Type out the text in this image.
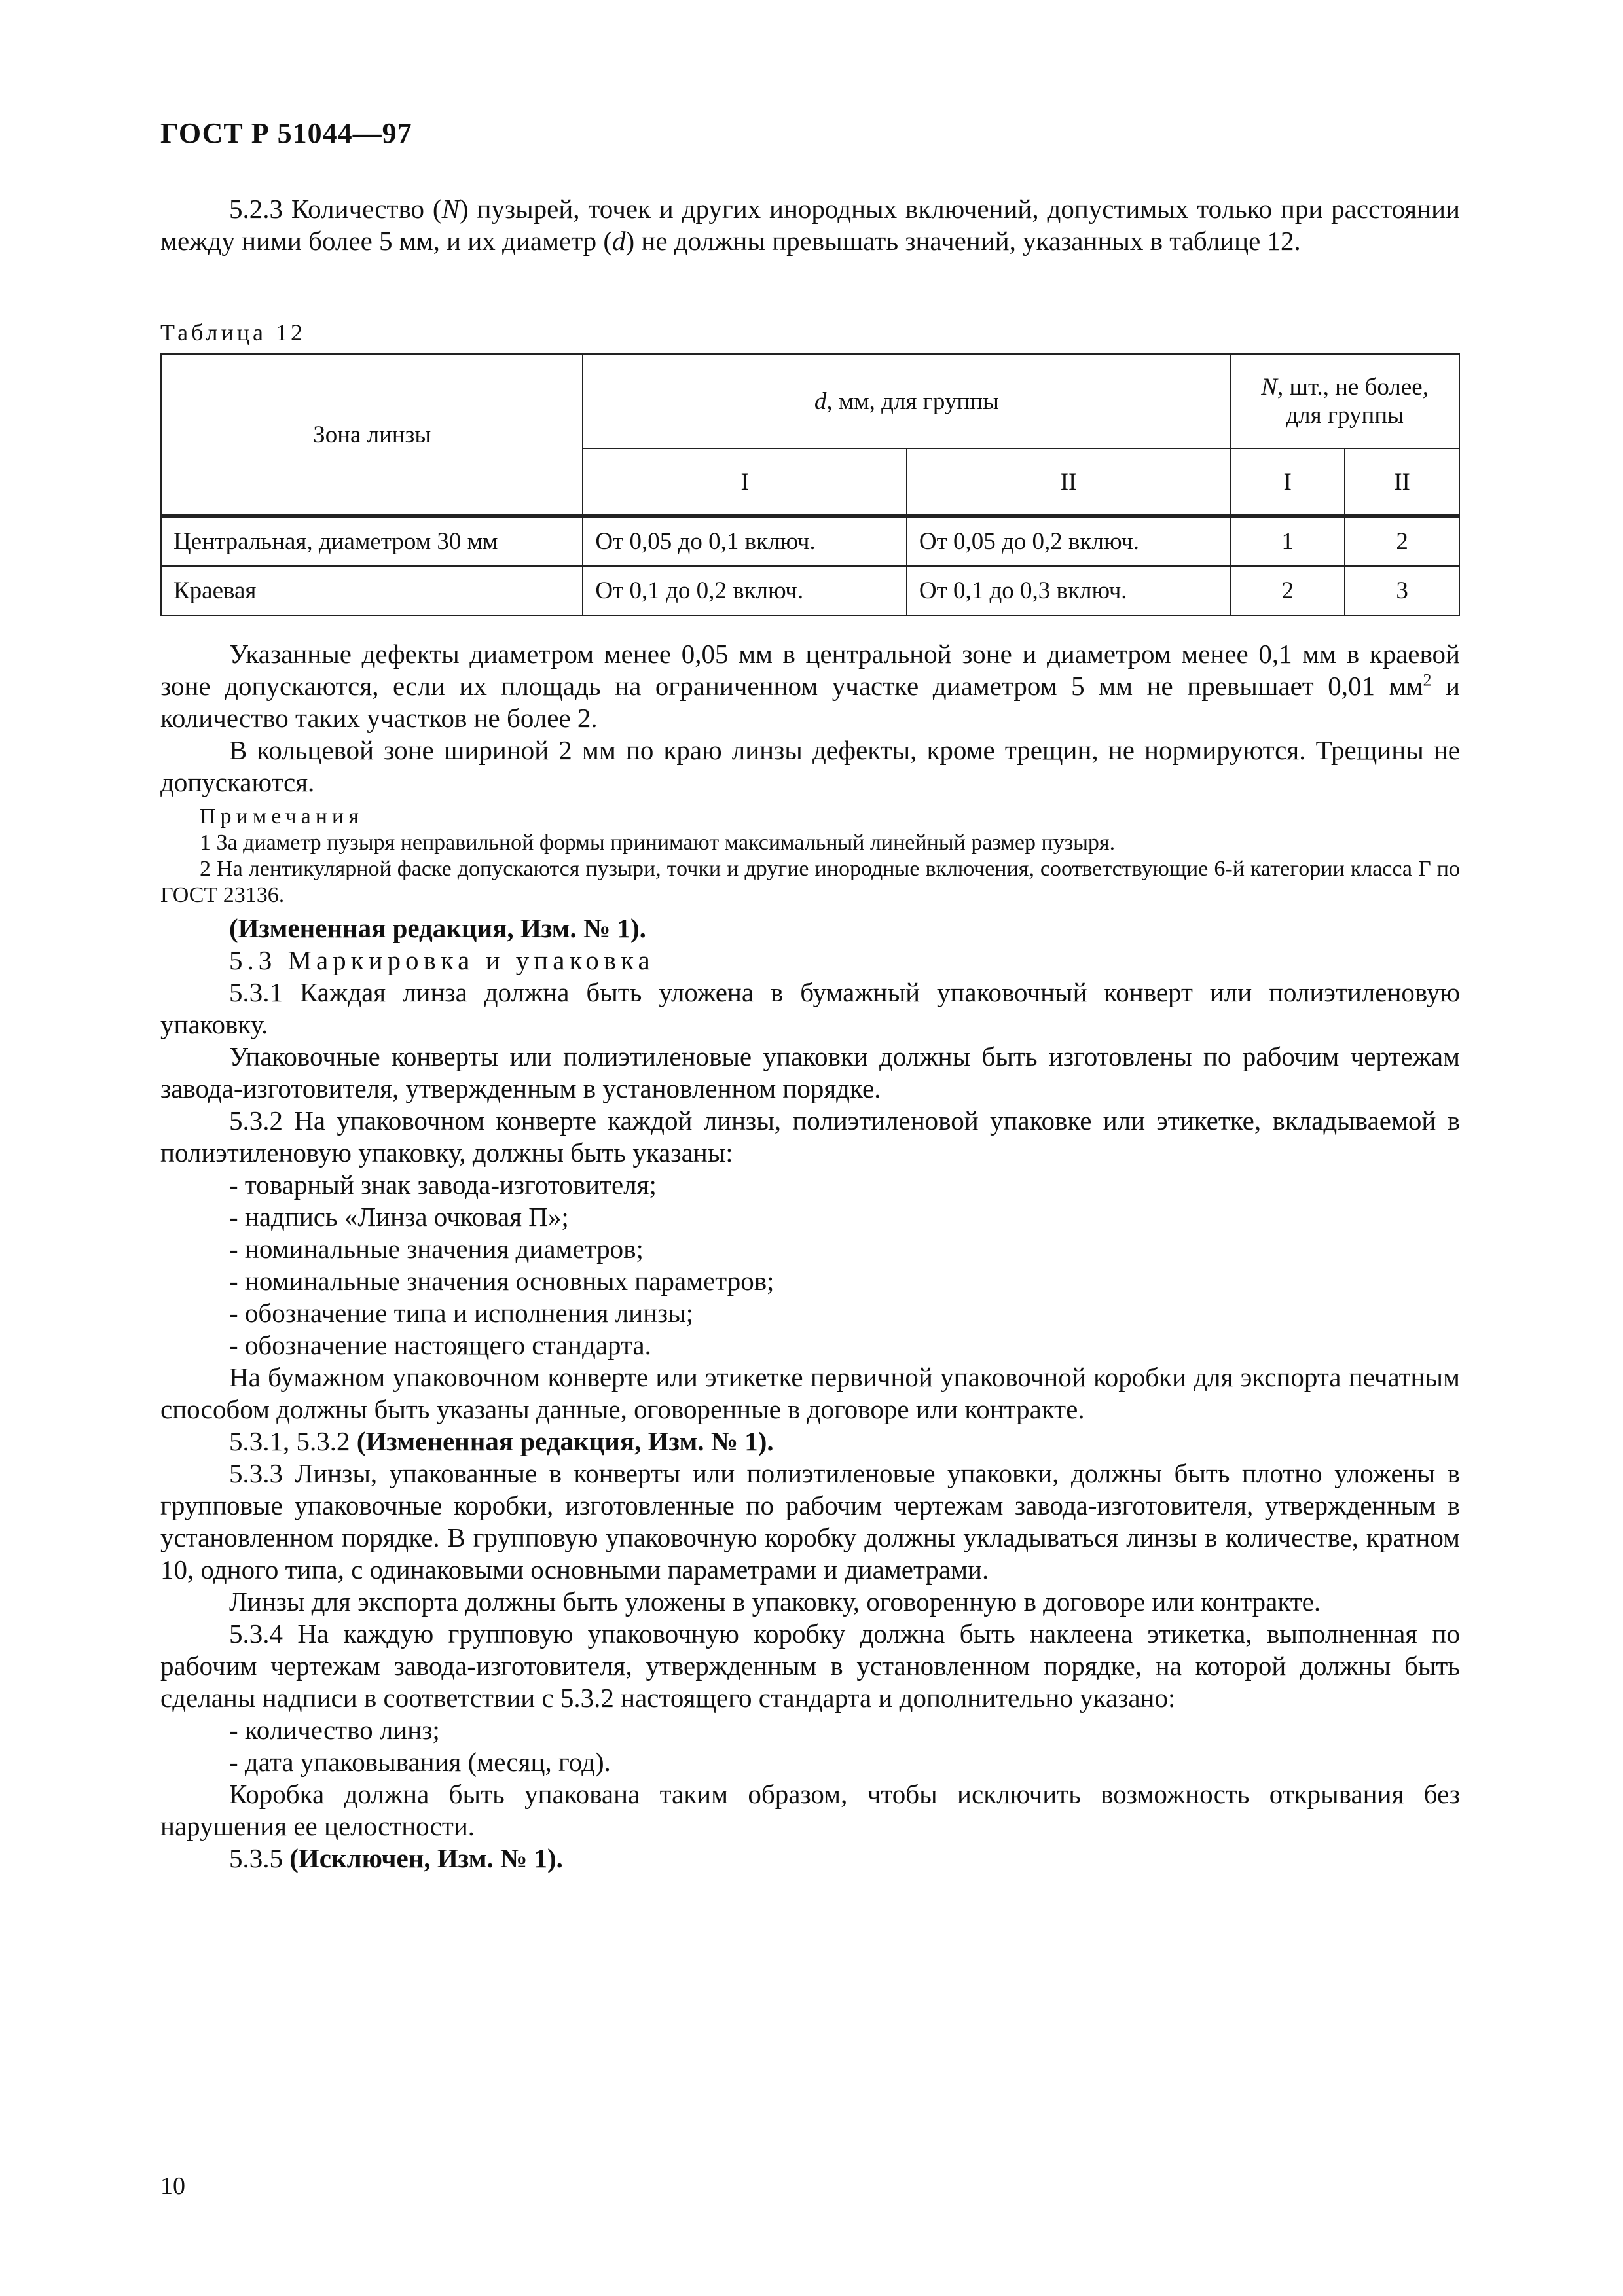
ГОСТ Р 51044—97

5.2.3 Количество (N) пузырей, точек и других инородных включений, допустимых только при расстоянии между ними более 5 мм, и их диаметр (d) не должны превышать значений, указанных в таблице 12.

Таблица 12
Зона линзы	d, мм, для группы		N, шт., не более,
для группы	
	I	II	I	II
Центральная, диаметром 30 мм	От 0,05 до 0,1 включ.	От 0,05 до 0,2 включ.	1	2
Краевая	От 0,1 до 0,2 включ.	От 0,1 до 0,3 включ.	2	3

Указанные дефекты диаметром менее 0,05 мм в центральной зоне и диаметром менее 0,1 мм в краевой зоне допускаются, если их площадь на ограниченном участке диаметром 5 мм не превышает 0,01 $мм^2$ и количество таких участков не более 2.

В кольцевой зоне шириной 2 мм по краю линзы дефекты, кроме трещин, не нормируются. Трещины не допускаются.

Примечания

1 За диаметр пузыря неправильной формы принимают максимальный линейный размер пузыря.

2 На лентикулярной фаске допускаются пузыри, точки и другие инородные включения, соответствующие 6-й категории класса Г по ГОСТ 23136.

(Измененная редакция, Изм. № 1).

5.3 Маркировка и упаковка

5.3.1 Каждая линза должна быть уложена в бумажный упаковочный конверт или полиэтиленовую упаковку.

Упаковочные конверты или полиэтиленовые упаковки должны быть изготовлены по рабочим чертежам завода-изготовителя, утвержденным в установленном порядке.

5.3.2 На упаковочном конверте каждой линзы, полиэтиленовой упаковке или этикетке, вкладываемой в полиэтиленовую упаковку, должны быть указаны:

- товарный знак завода-изготовителя;

- надпись «Линза очковая П»;

- номинальные значения диаметров;

- номинальные значения основных параметров;

- обозначение типа и исполнения линзы;

- обозначение настоящего стандарта.

На бумажном упаковочном конверте или этикетке первичной упаковочной коробки для экспорта печатным способом должны быть указаны данные, оговоренные в договоре или контракте.

5.3.1, 5.3.2 (Измененная редакция, Изм. № 1).

5.3.3 Линзы, упакованные в конверты или полиэтиленовые упаковки, должны быть плотно уложены в групповые упаковочные коробки, изготовленные по рабочим чертежам завода-изготовителя, утвержденным в установленном порядке. В групповую упаковочную коробку должны укладываться линзы в количестве, кратном 10, одного типа, с одинаковыми основными параметрами и диаметрами.

Линзы для экспорта должны быть уложены в упаковку, оговоренную в договоре или контракте.

5.3.4 На каждую групповую упаковочную коробку должна быть наклеена этикетка, выполненная по рабочим чертежам завода-изготовителя, утвержденным в установленном порядке, на которой должны быть сделаны надписи в соответствии с 5.3.2 настоящего стандарта и дополнительно указано:

- количество линз;

- дата упаковывания (месяц, год).

Коробка должна быть упакована таким образом, чтобы исключить возможность открывания без нарушения ее целостности.

5.3.5 (Исключен, Изм. № 1).

10
